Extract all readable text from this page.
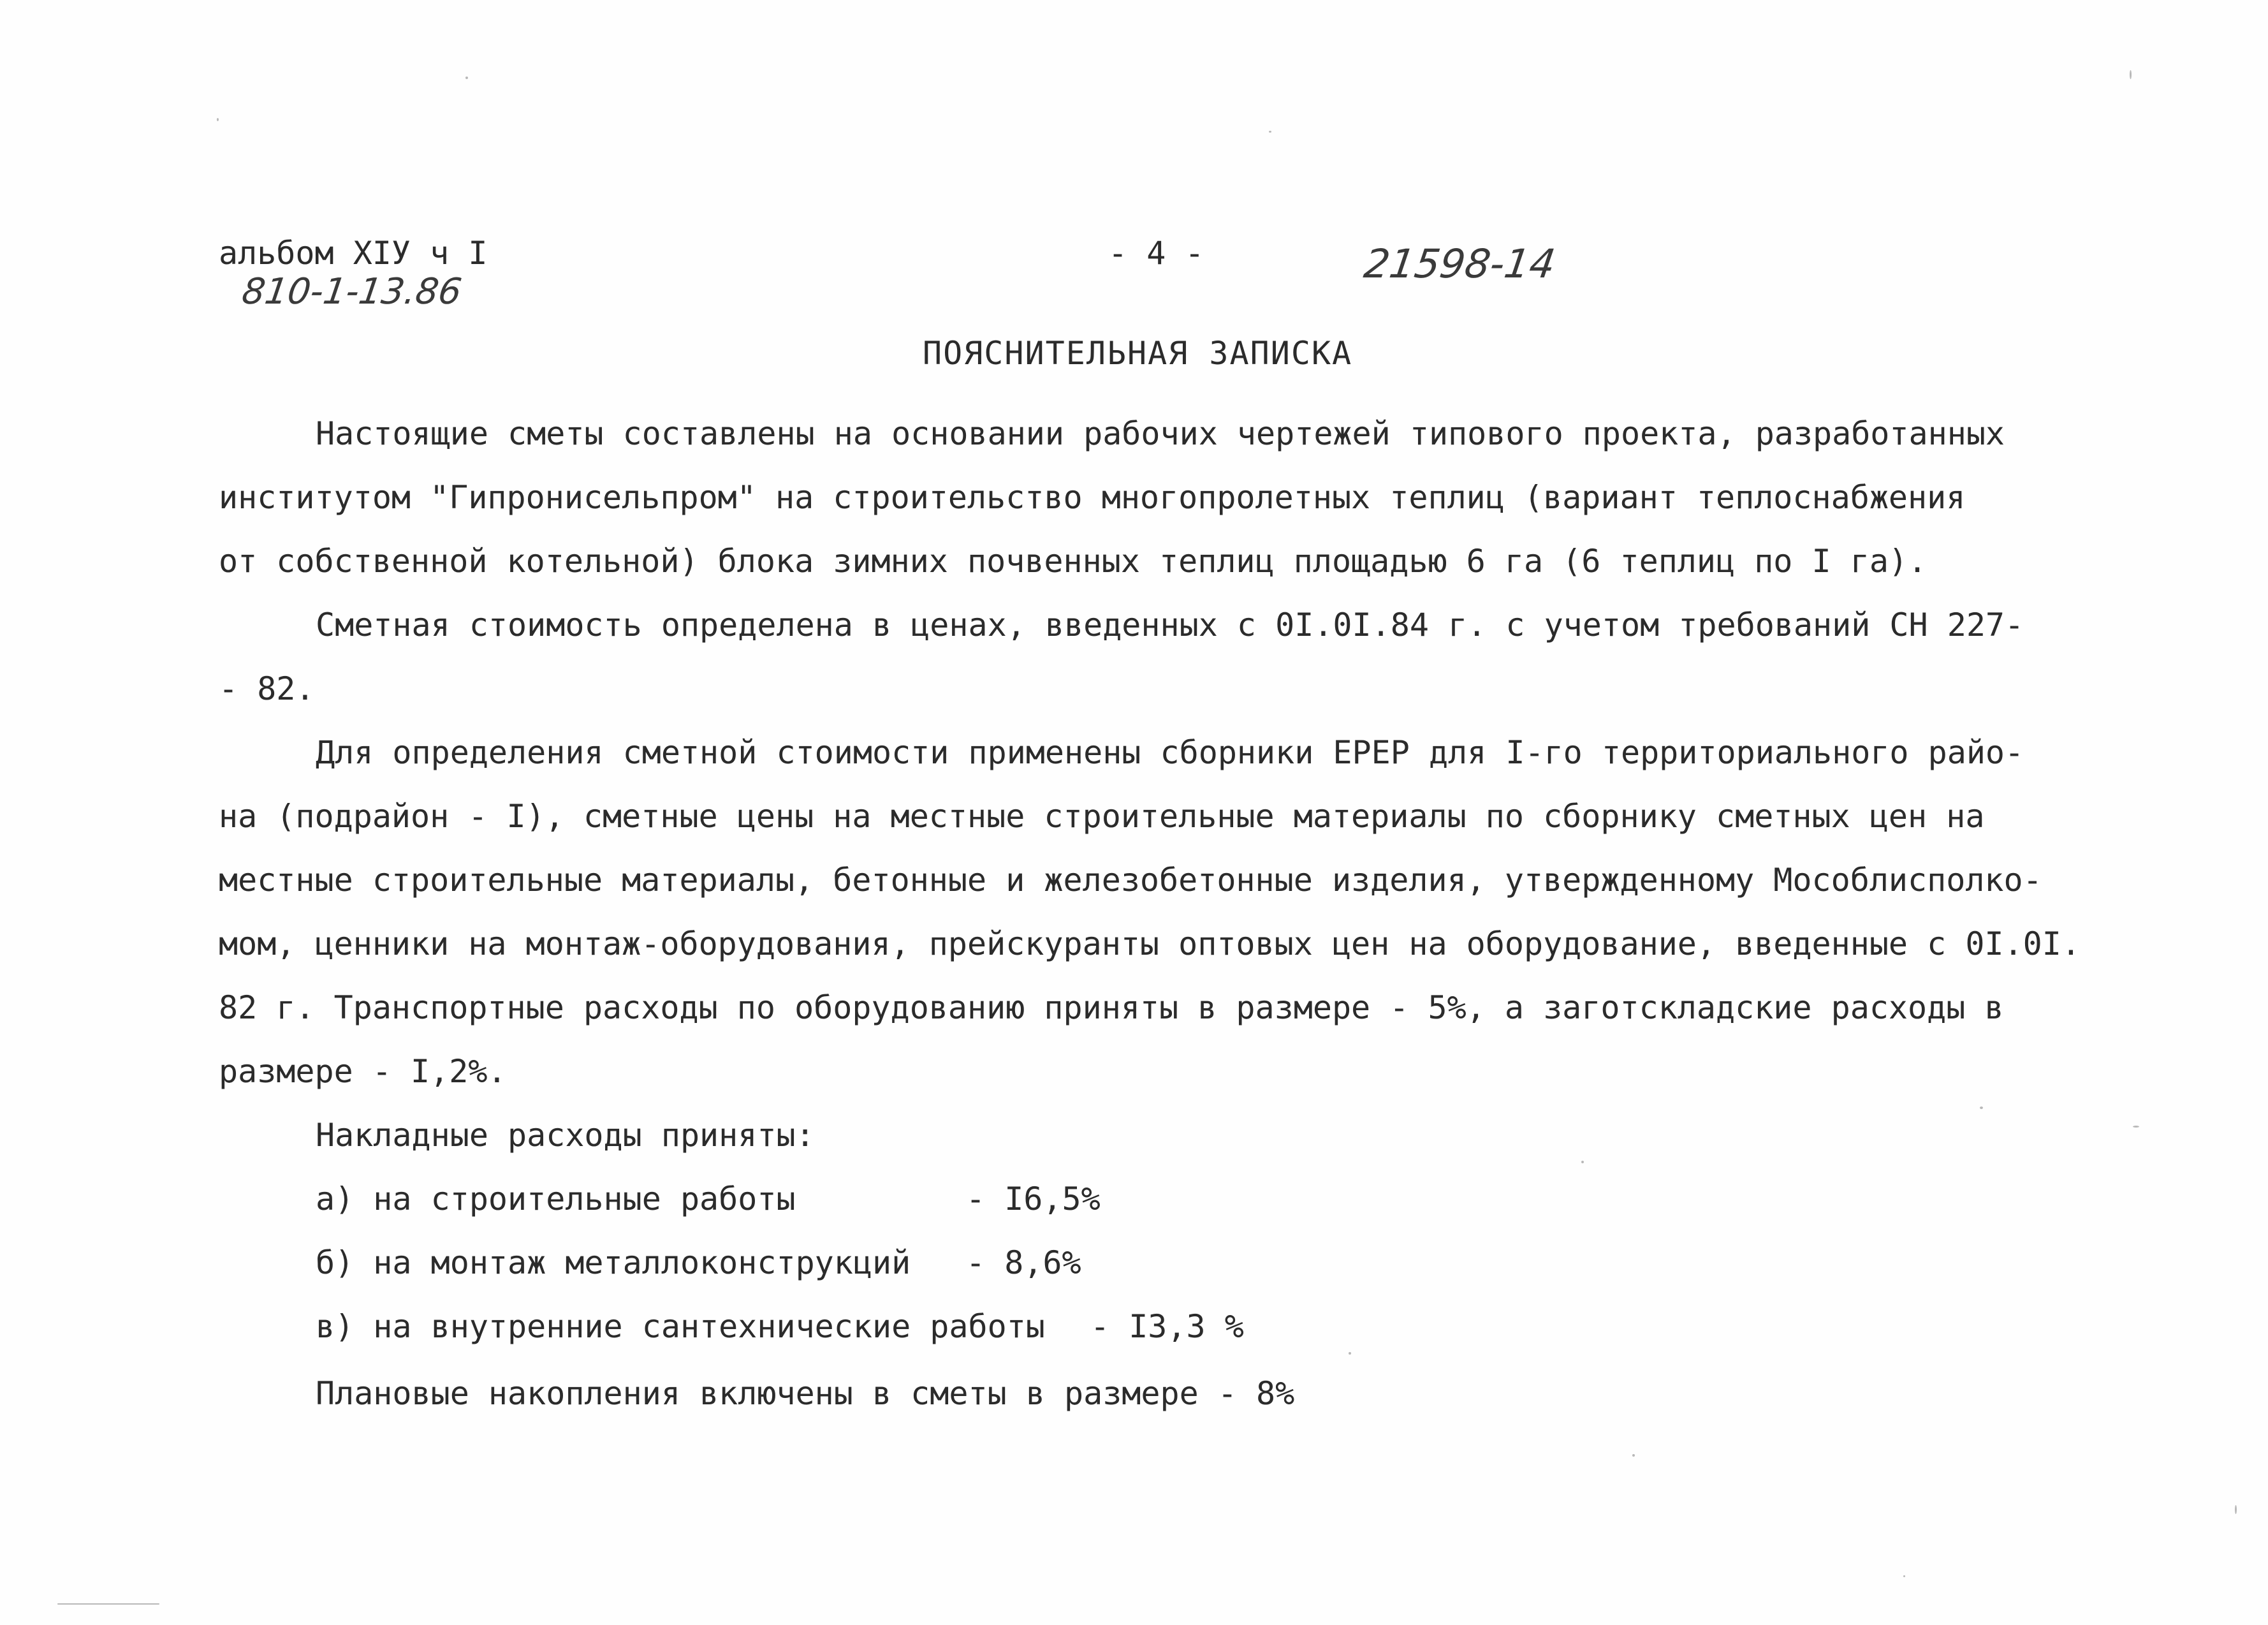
альбом XIУ ч I
810-1-13.86
- 4 -	21598-14
ПОЯСНИТЕЛЬНАЯ ЗАПИСКА
Настоящие сметы составлены на основании рабочих чертежей типового проекта, разработанных
институтом "Гипронисельпром" на строительство многопролетных теплиц (вариант теплоснабжения
от собственной котельной) блока зимних почвенных теплиц площадью 6 га (6 теплиц по I га).
Сметная стоимость определена в ценах, введенных с 0I.0I.84 г. с учетом требований СН 227-
- 82.
Для определения сметной стоимости применены сборники ЕРЕР для I-го территориального райо-
на (подрайон - I), сметные цены на местные строительные материалы по сборнику сметных цен на
местные строительные материалы, бетонные и железобетонные изделия, утвержденному Мособлисполко-
мом, ценники на монтаж-оборудования, прейскуранты оптовых цен на оборудование, введенные с 0I.0I.
82 г. Транспортные расходы по оборудованию приняты в размере - 5%, а заготскладские расходы в
размере - I,2%.
Накладные расходы приняты:
а) на строительные работы	- I6,5%
б) на монтаж металлоконструкций - 8,6%
в) на внутренние сантехнические работы - I3,3 %
Плановые накопления включены в сметы в размере - 8%
